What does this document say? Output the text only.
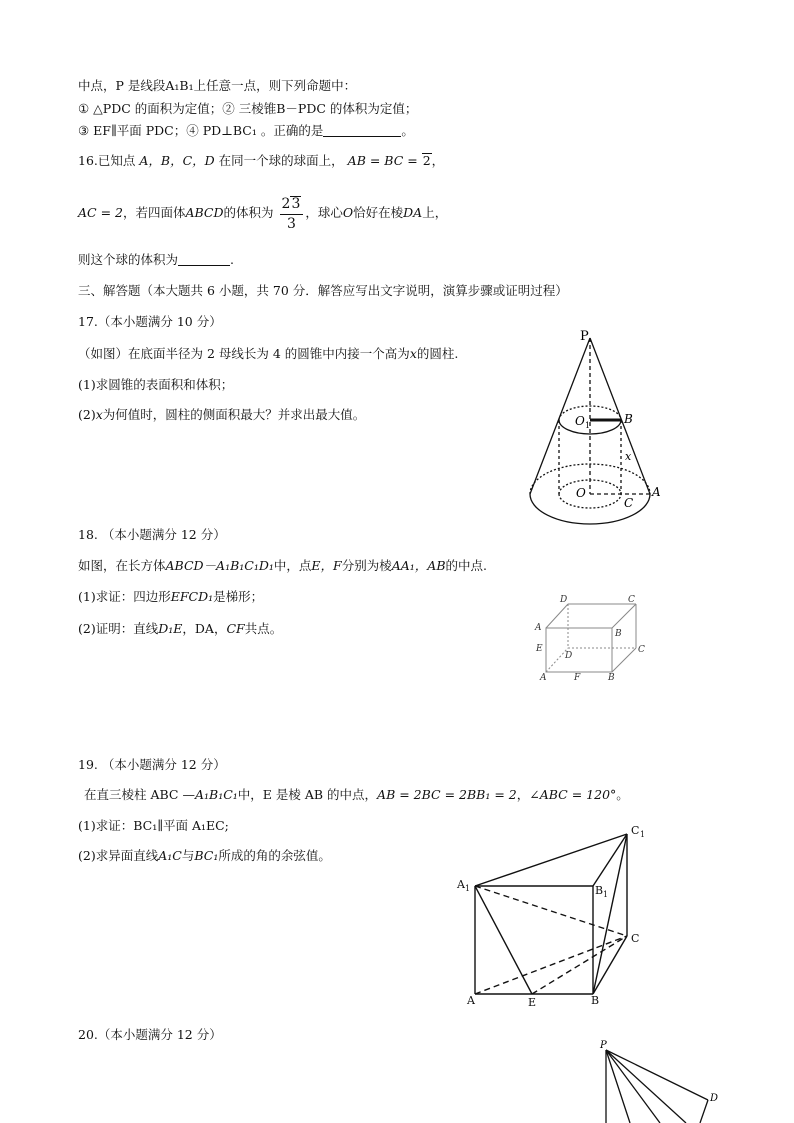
中点，P 是线段A₁B₁上任意一点，则下列命题中：
① △PDC 的面积为定值；② 三棱锥B－PDC 的体积为定值；
③ EF∥平面 PDC；④ PD⊥BC₁ 。正确的是	。
16.已知点 A，B，C，D 在同一个球的球面上， AB = BC = 2，
AC = 2，若四面体ABCD的体积为 $\frac{23}{3}$ ，球心O恰好在棱DA上，
则这个球的体积为	.
三、解答题（本大题共 6 小题，共 70 分．解答应写出文字说明，演算步骤或证明过程）
17.（本小题满分 10 分）
（如图）在底面半径为 2 母线长为 4 的圆锥中内接一个高为x的圆柱.
(1)求圆锥的表面积和体积；
(2)x为何值时，圆柱的侧面积最大？并求出最大值。
P
O 1	B
x
O	A
C
18. （本小题满分 12 分）
如图，在长方体ABCD－A₁B₁C₁D₁中，点E，F分别为棱AA₁，AB的中点.
(1)求证：四边形EFCD₁是梯形；
(2)证明：直线D₁E，DA，CF共点。
D	C
A
B
E
D
C
A	F	B
19. （本小题满分 12 分）
在直三棱柱 ABC —A₁B₁C₁中，E 是棱 AB 的中点，AB = 2BC = 2BB₁ = 2，∠ABC = 120°。
(1)求证：BC₁∥平面 A₁EC;
(2)求异面直线A₁C与BC₁所成的角的余弦值。
C 1
A 1	B 1
C
A	E	B
20.（本小题满分 12 分）
P
D
